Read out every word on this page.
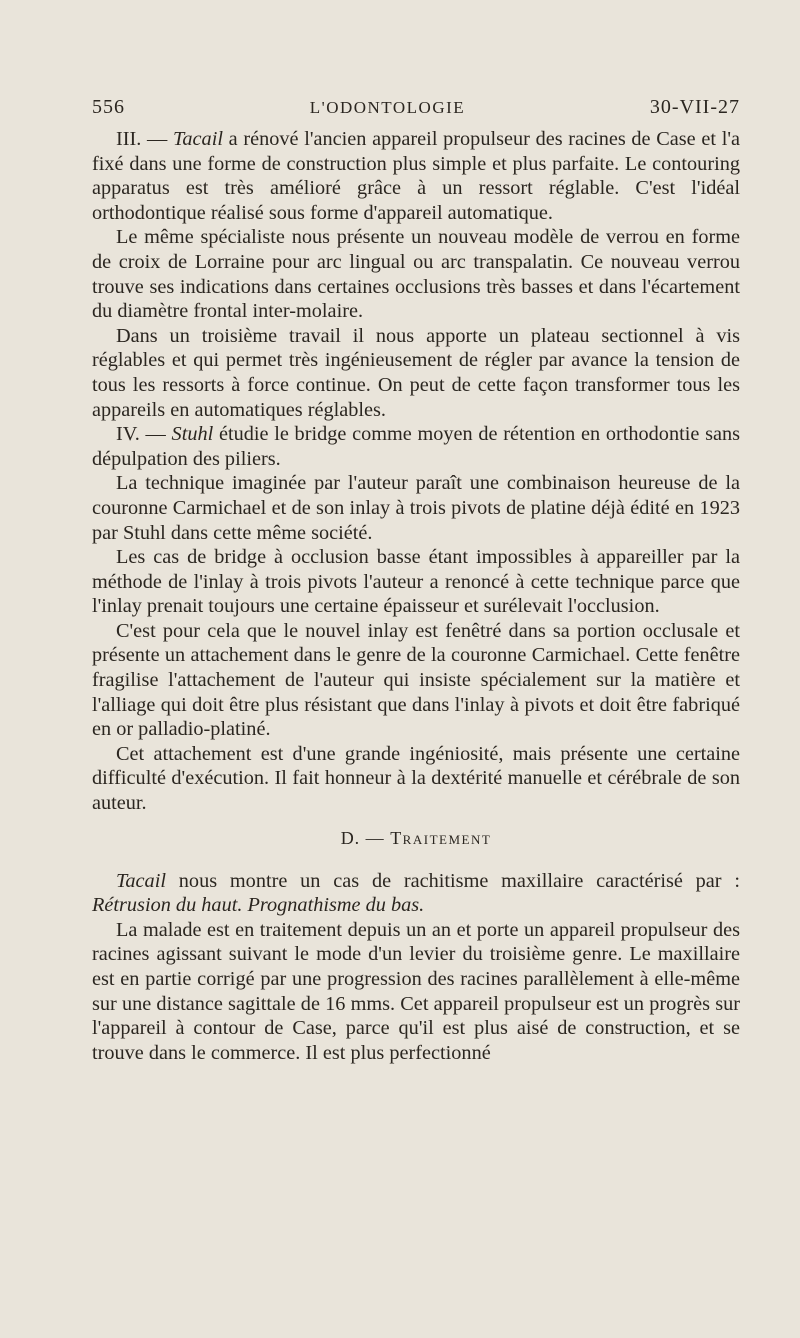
556	L'ODONTOLOGIE	30-VII-27

III. — Tacail a rénové l'ancien appareil propulseur des racines de Case et l'a fixé dans une forme de construction plus simple et plus parfaite. Le contouring apparatus est très amélioré grâce à un ressort réglable. C'est l'idéal orthodontique réalisé sous forme d'appareil automatique.

Le même spécialiste nous présente un nouveau modèle de verrou en forme de croix de Lorraine pour arc lingual ou arc transpalatin. Ce nouveau verrou trouve ses indications dans certaines occlusions très basses et dans l'écartement du diamètre frontal inter-molaire.

Dans un troisième travail il nous apporte un plateau sectionnel à vis réglables et qui permet très ingénieusement de régler par avance la tension de tous les ressorts à force continue. On peut de cette façon transformer tous les appareils en automatiques réglables.

IV. — Stuhl étudie le bridge comme moyen de rétention en orthodontie sans dépulpation des piliers.

La technique imaginée par l'auteur paraît une combinaison heureuse de la couronne Carmichael et de son inlay à trois pivots de platine déjà édité en 1923 par Stuhl dans cette même société.

Les cas de bridge à occlusion basse étant impossibles à appareiller par la méthode de l'inlay à trois pivots l'auteur a renoncé à cette technique parce que l'inlay prenait toujours une certaine épaisseur et surélevait l'occlusion.

C'est pour cela que le nouvel inlay est fenêtré dans sa portion occlusale et présente un attachement dans le genre de la couronne Carmichael. Cette fenêtre fragilise l'attachement de l'auteur qui insiste spécialement sur la matière et l'alliage qui doit être plus résistant que dans l'inlay à pivots et doit être fabriqué en or palladio-platiné.

Cet attachement est d'une grande ingéniosité, mais présente une certaine difficulté d'exécution. Il fait honneur à la dextérité manuelle et cérébrale de son auteur.

D. — Traitement

Tacail nous montre un cas de rachitisme maxillaire caractérisé par : Rétrusion du haut. Prognathisme du bas.

La malade est en traitement depuis un an et porte un appareil propulseur des racines agissant suivant le mode d'un levier du troisième genre. Le maxillaire est en partie corrigé par une progression des racines parallèlement à elle-même sur une distance sagittale de 16 mms. Cet appareil propulseur est un progrès sur l'appareil à contour de Case, parce qu'il est plus aisé de construction, et se trouve dans le commerce. Il est plus perfectionné
